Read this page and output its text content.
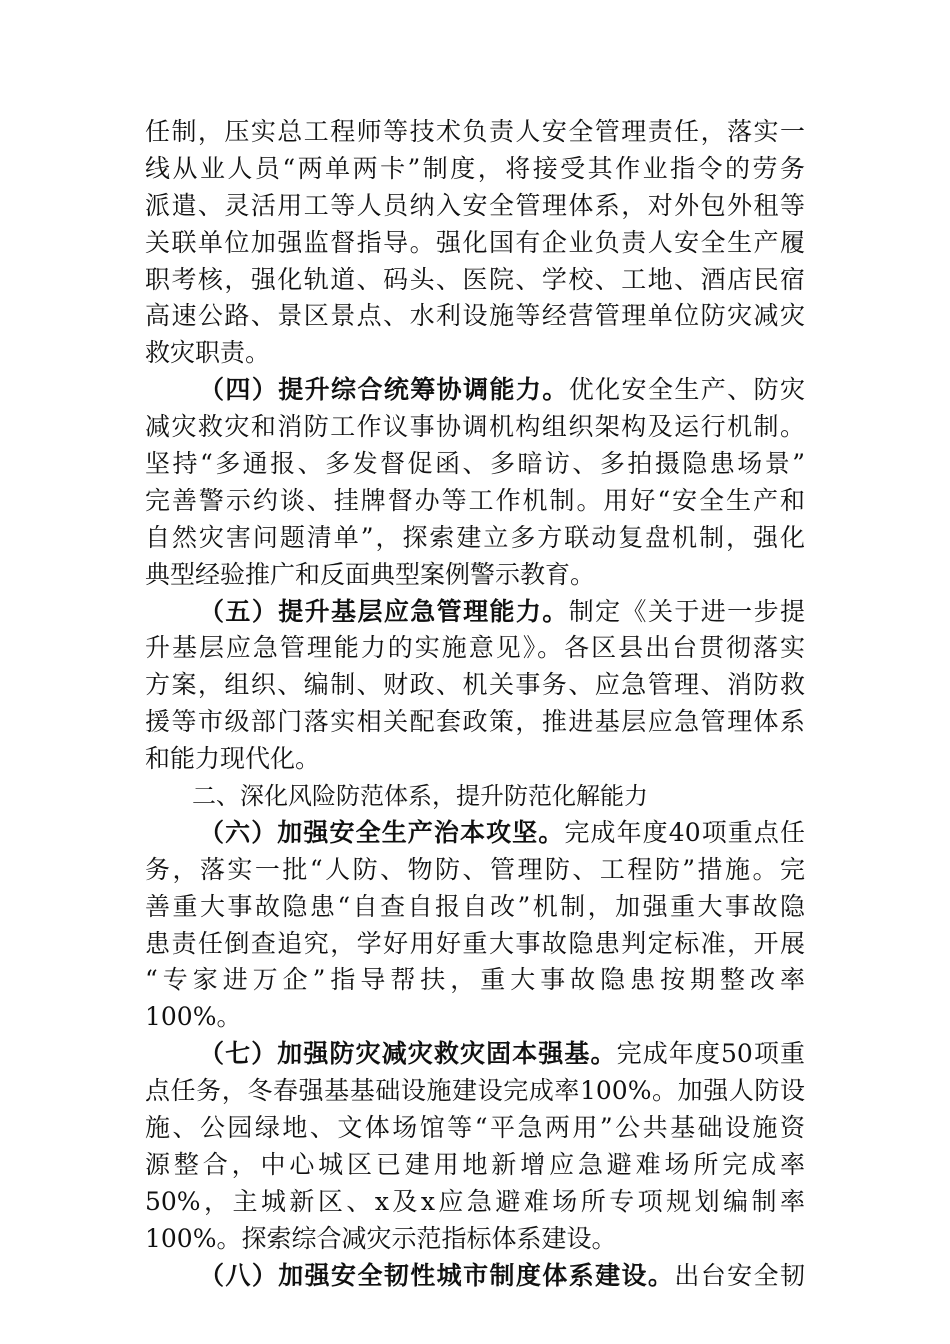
任制，压实总工程师等技术负责人安全管理责任，落实一
线从业人员“两单两卡”制度，将接受其作业指令的劳务
派遣、灵活用工等人员纳入安全管理体系，对外包外租等
关联单位加强监督指导。强化国有企业负责人安全生产履
职考核，强化轨道、码头、医院、学校、工地、酒店民宿
高速公路、景区景点、水利设施等经营管理单位防灾减灾
救灾职责。
（四）提升综合统筹协调能力。优化安全生产、防灾
减灾救灾和消防工作议事协调机构组织架构及运行机制。
坚持“多通报、多发督促函、多暗访、多拍摄隐患场景”
完善警示约谈、挂牌督办等工作机制。用好“安全生产和
自然灾害问题清单”，探索建立多方联动复盘机制，强化
典型经验推广和反面典型案例警示教育。
（五）提升基层应急管理能力。制定《关于进一步提
升基层应急管理能力的实施意见》。各区县出台贯彻落实
方案，组织、编制、财政、机关事务、应急管理、消防救
援等市级部门落实相关配套政策，推进基层应急管理体系
和能力现代化。
二、深化风险防范体系，提升防范化解能力
（六）加强安全生产治本攻坚。完成年度40项重点任
务，落实一批“人防、物防、管理防、工程防”措施。完
善重大事故隐患“自查自报自改”机制，加强重大事故隐
患责任倒查追究，学好用好重大事故隐患判定标准，开展
“专家进万企”指导帮扶，重大事故隐患按期整改率
100%。
（七）加强防灾减灾救灾固本强基。完成年度50项重
点任务，冬春强基基础设施建设完成率100%。加强人防设
施、公园绿地、文体场馆等“平急两用”公共基础设施资
源整合，中心城区已建用地新增应急避难场所完成率
50%，主城新区、x及x应急避难场所专项规划编制率
100%。探索综合减灾示范指标体系建设。
（八）加强安全韧性城市制度体系建设。出台安全韧
